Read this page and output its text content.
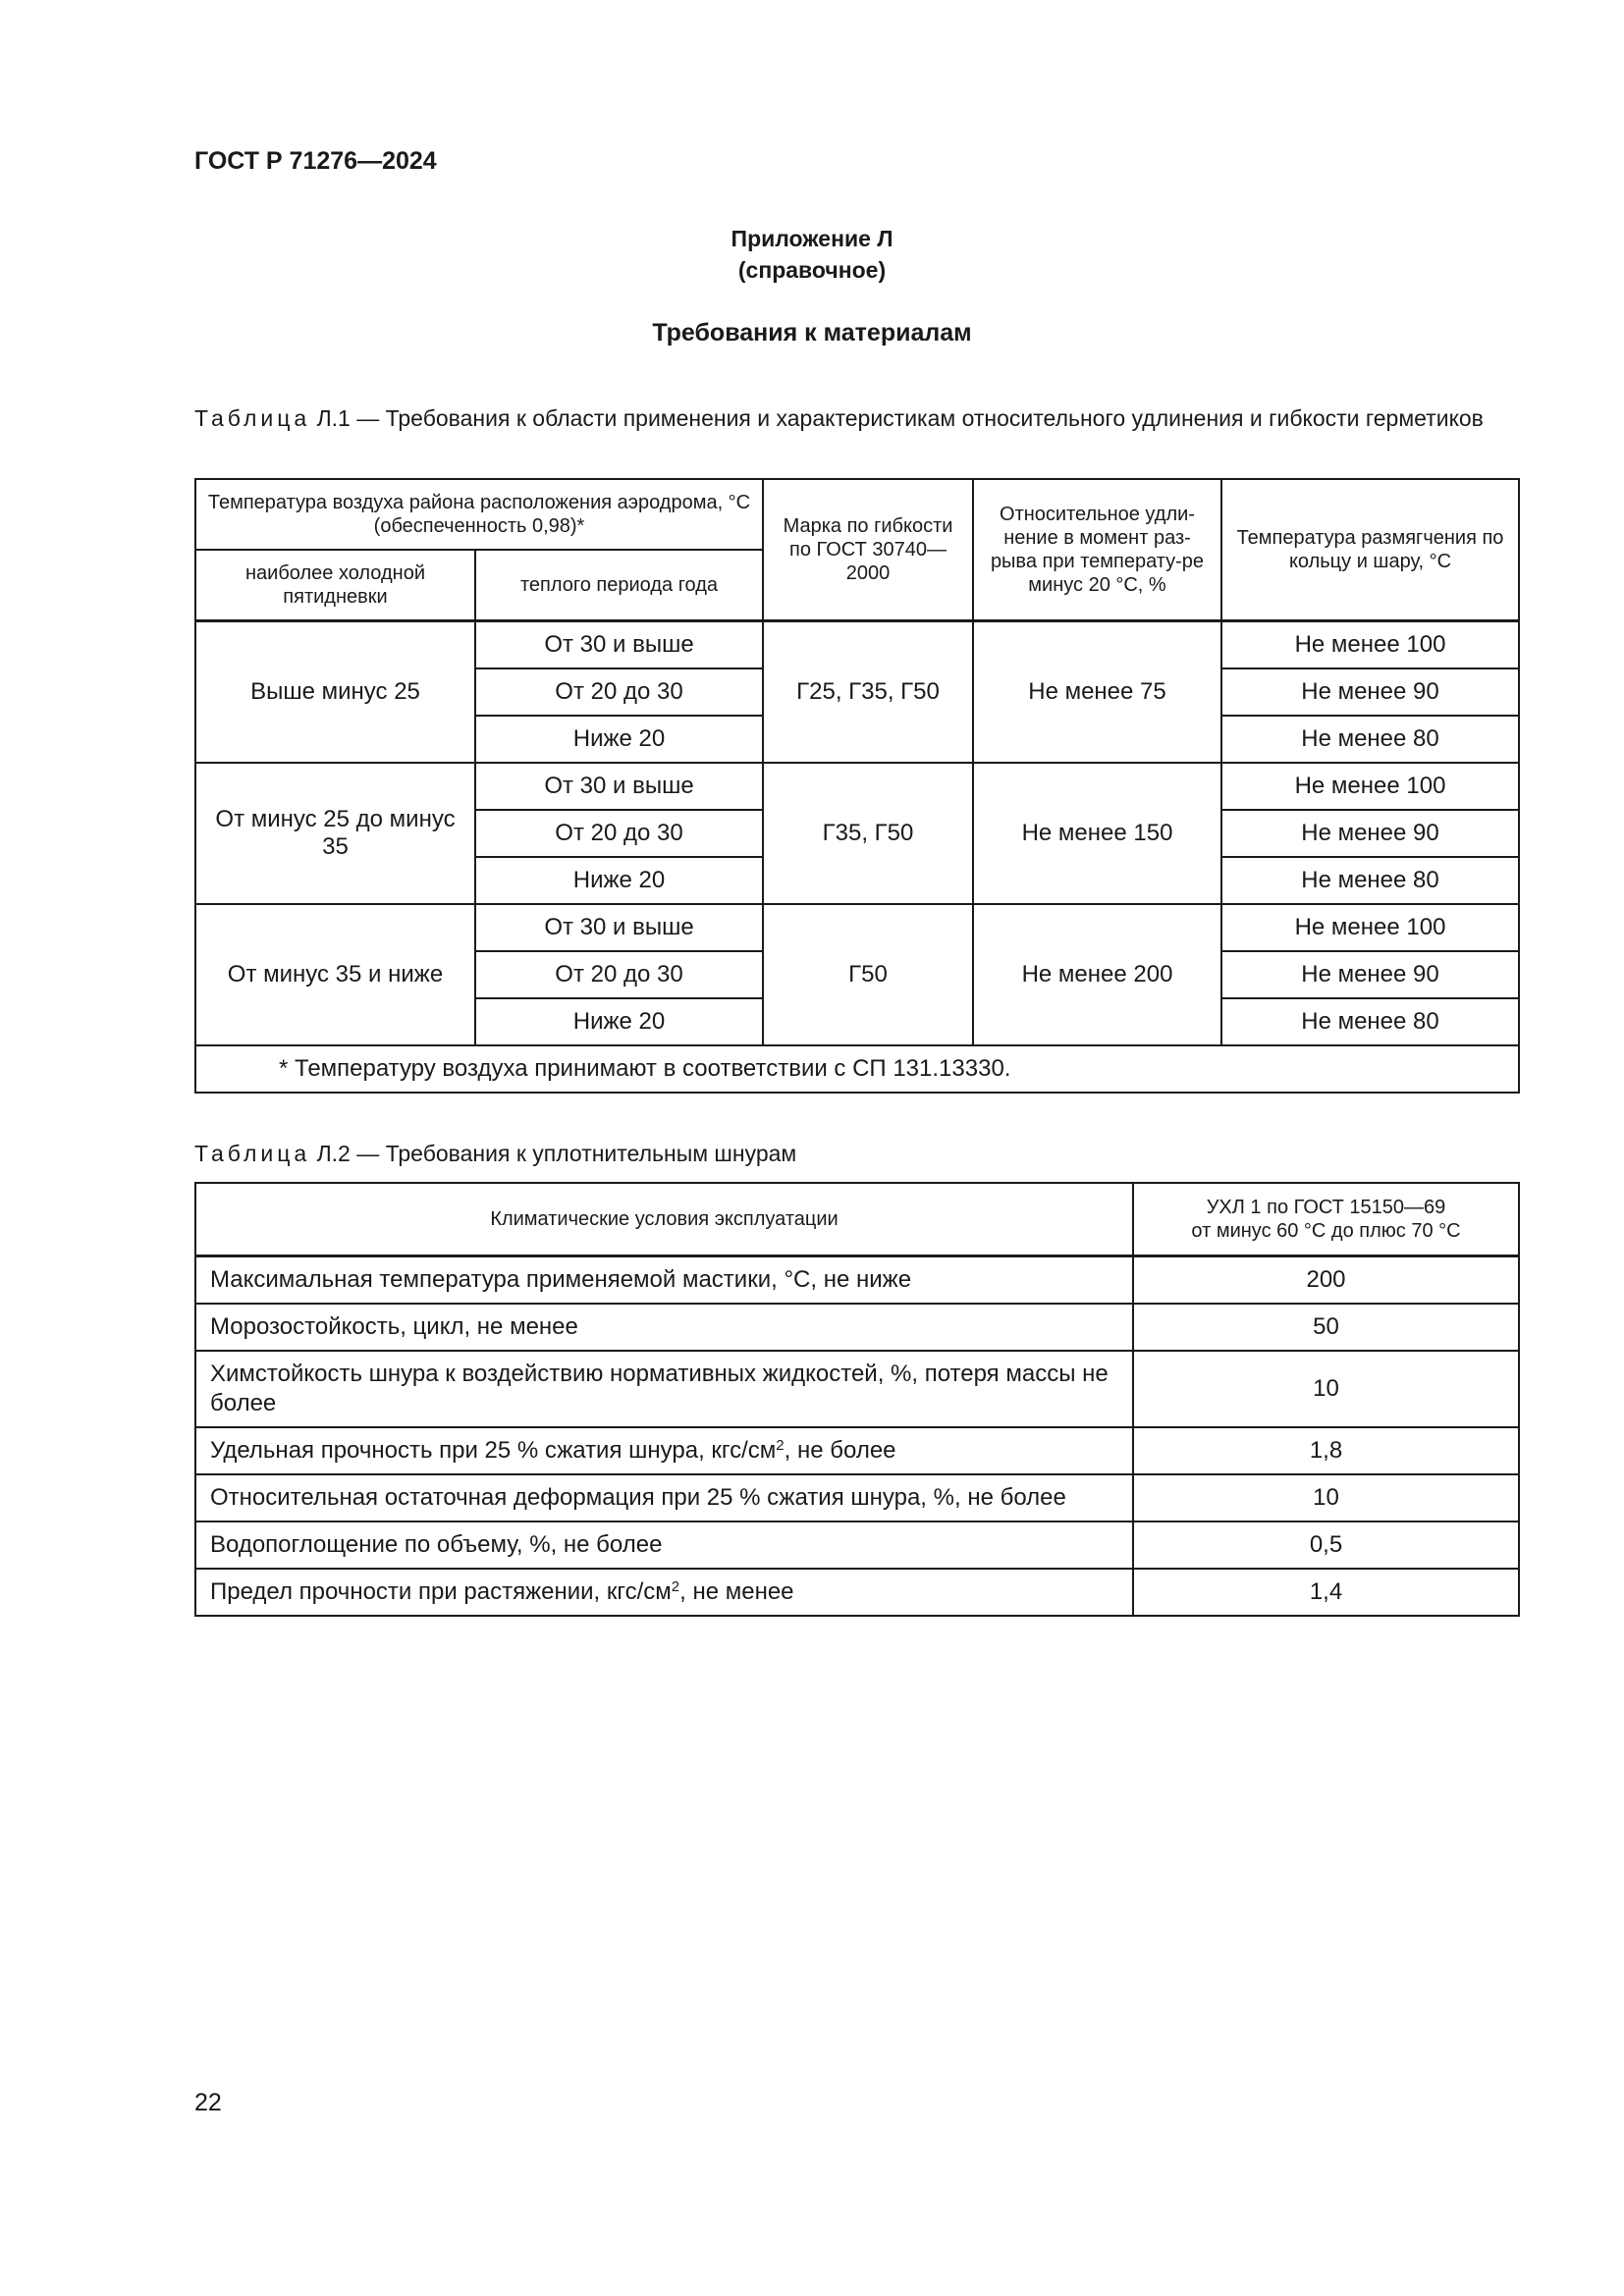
ГОСТ Р 71276—2024

Приложение Л

(справочное)

Требования к материалам

Таблица Л.1 — Требования к области применения и характеристикам относительного удлинения и гибкости герметиков

Температура воздуха района расположения аэродрома, °С (обеспеченность 0,98)*		Марка по гибкости по ГОСТ 30740—2000	Относительное удли-нение в момент раз-рыва при температу-ре минус 20 °С, %	Температура размягчения по кольцу и шару, °С
наиболее холодной пятидневки	теплого периода года			
Выше минус 25	От 30 и выше	Г25, Г35, Г50	Не менее 75	Не менее 100
	От 20 до 30			Не менее 90
	Ниже 20			Не менее 80
От минус 25 до минус 35	От 30 и выше	Г35, Г50	Не менее 150	Не менее 100
	От 20 до 30			Не менее 90
	Ниже 20			Не менее 80
От минус 35 и ниже	От 30 и выше	Г50	Не менее 200	Не менее 100
	От 20 до 30			Не менее 90
	Ниже 20			Не менее 80
* Температуру воздуха принимают в соответствии с СП 131.13330.				

Таблица Л.2 — Требования к уплотнительным шнурам

Климатические условия эксплуатации	УХЛ 1 по ГОСТ 15150—69
от минус 60 °С до плюс 70 °С
Максимальная температура применяемой мастики, °С, не ниже	200
Морозостойкость, цикл, не менее	50
Химстойкость шнура к воздействию нормативных жидкостей, %, потеря массы не более	10
Удельная прочность при 25 % сжатия шнура, кгс/$см^2$, не более	1,8
Относительная остаточная деформация при 25 % сжатия шнура, %, не более	10
Водопоглощение по объему, %, не более	0,5
Предел прочности при растяжении, кгс/$см^2$, не менее	1,4

22
